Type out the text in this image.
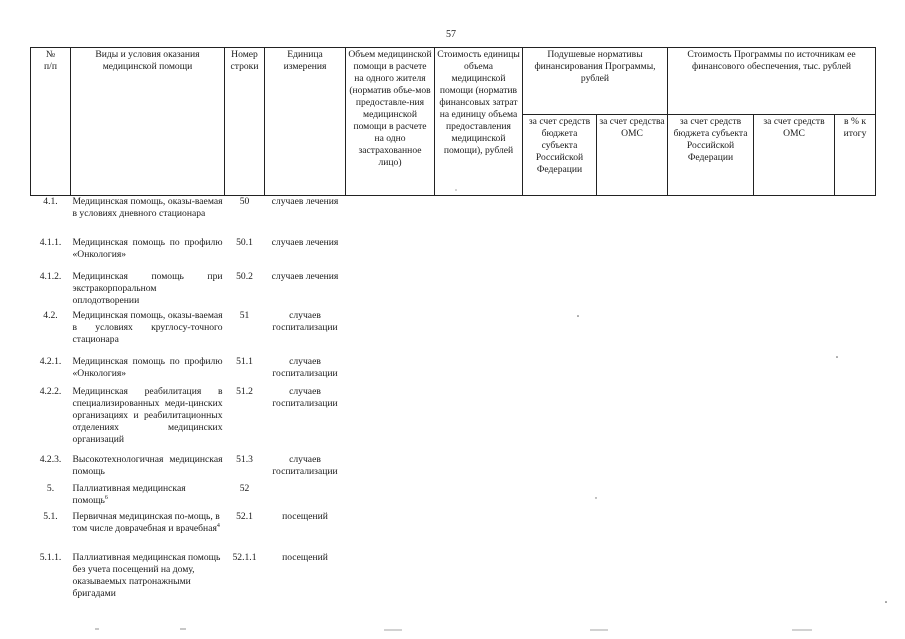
57
№
п/п	Виды и условия оказания медицинской помощи	Номер строки	Единица измерения	Объем медицинской помощи в расчете на одного жителя (норматив объе-мов предоставле-ния медицинской помощи в расчете на одно застрахованное лицо)	Стоимость единицы объема медицинской помощи (норматив финансовых затрат на единицу объема предоставления медицинской помощи), рублей	Подушевые нормативы финансирования Программы, рублей		Стоимость Программы по источникам ее финансового обеспечения, тыс. рублей		
						за счет средств бюджета субъекта Российской Федерации	за счет средства ОМС	за счет средств бюджета субъекта Российской Федерации	за счет средств ОМС	в % к итогу
4.1.	Медицинская помощь, оказы-ваемая в условиях дневного стационара	50	случаев лечения							
4.1.1.	Медицинская помощь по профилю «Онкология»	50.1	случаев лечения							
4.1.2.	Медицинская помощь при экстракорпоральном оплодотворении	50.2	случаев лечения							
4.2.	Медицинская помощь, оказы-ваемая в условиях круглосу-точного стационара	51	случаев госпитализации							
4.2.1.	Медицинская помощь по профилю «Онкология»	51.1	случаев госпитализации							
4.2.2.	Медицинская реабилитация в специализированных меди-цинских организациях и реабилитационных отделениях медицинских организаций	51.2	случаев госпитализации							
4.2.3.	Высокотехнологичная медицинская помощь	51.3	случаев госпитализации							
5.	Паллиативная медицинская помощь$^6$	52								
5.1.	Первичная медицинская по-мощь, в том числе доврачебная и врачебная$^4$	52.1	посещений							
5.1.1.	Паллиативная медицинская помощь без учета посещений на дому, оказываемых патронажными бригадами	52.1.1	посещений							
